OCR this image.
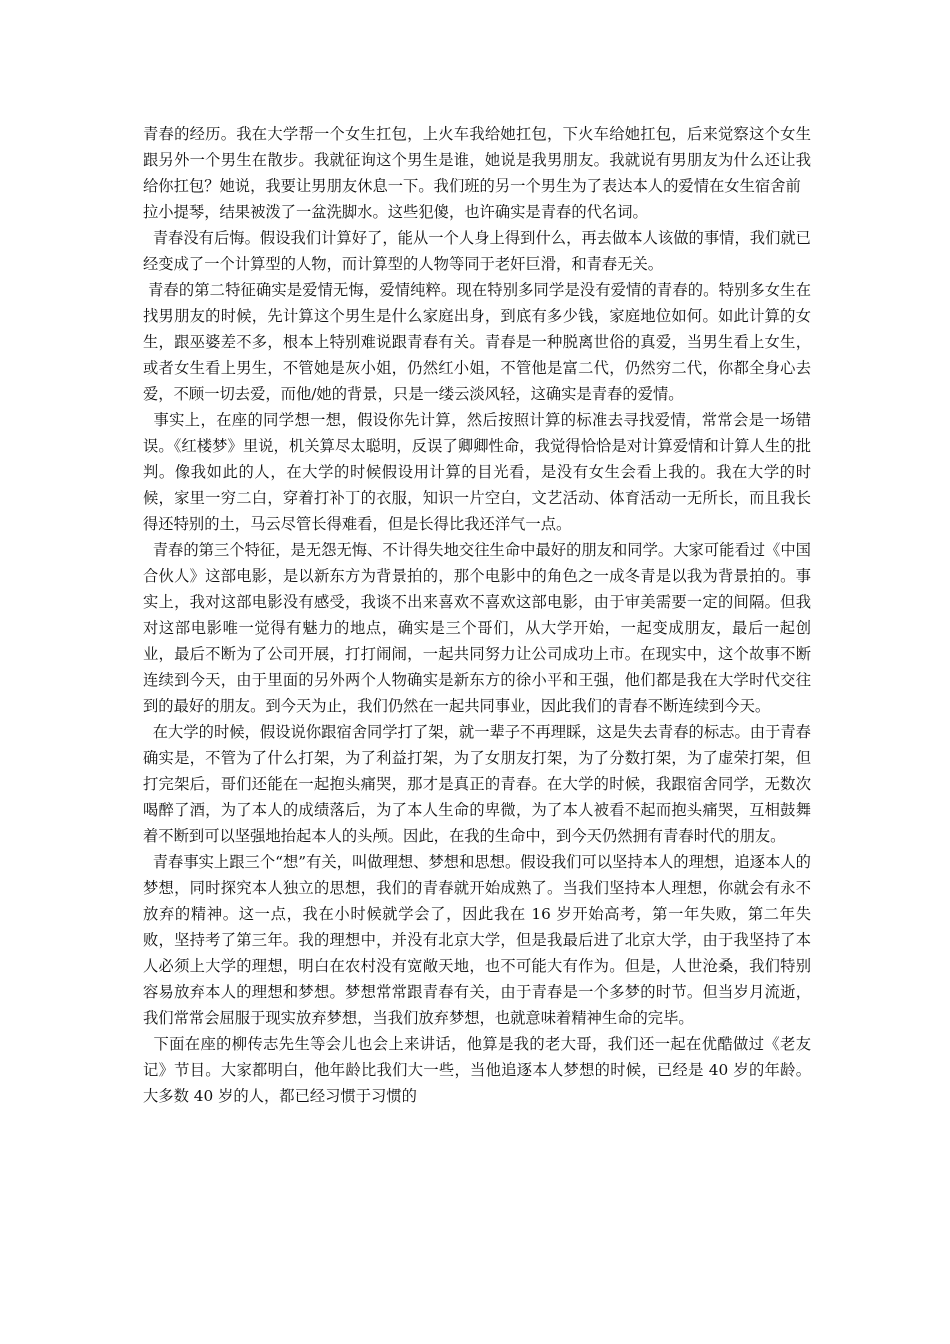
青春的经历。我在大学帮一个女生扛包，上火车我给她扛包，下火车给她扛包，后来觉察这个女生跟另外一个男生在散步。我就征询这个男生是谁，她说是我男朋友。我就说有男朋友为什么还让我给你扛包？她说，我要让男朋友休息一下。我们班的另一个男生为了表达本人的爱情在女生宿舍前

拉小提琴，结果被泼了一盆洗脚水。这些犯傻，也许确实是青春的代名词。

青春没有后悔。假设我们计算好了，能从一个人身上得到什么，再去做本人该做的事情，我们就已经变成了一个计算型的人物，而计算型的人物等同于老奸巨滑，和青春无关。

青春的第二特征确实是爱情无悔，爱情纯粹。现在特别多同学是没有爱情的青春的。特别多女生在找男朋友的时候，先计算这个男生是什么家庭出身，到底有多少钱，家庭地位如何。如此计算的女生，跟巫婆差不多，根本上特别难说跟青春有关。青春是一种脱离世俗的真爱，当男生看上女生，或者女生看上男生，不管她是灰小姐，仍然红小姐，不管他是富二代，仍然穷二代，你都全身心去爱，不顾一切去爱，而他/她的背景，只是一缕云淡风轻，这确实是青春的爱情。

事实上，在座的同学想一想，假设你先计算，然后按照计算的标准去寻找爱情，常常会是一场错误。《红楼梦》里说，机关算尽太聪明，反误了卿卿性命，我觉得恰恰是对计算爱情和计算人生的批判。像我如此的人，在大学的时候假设用计算的目光看，是没有女生会看上我的。我在大学的时候，家里一穷二白，穿着打补丁的衣服，知识一片空白，文艺活动、体育活动一无所长，而且我长得还特别的土，马云尽管长得难看，但是长得比我还洋气一点。

青春的第三个特征，是无怨无悔、不计得失地交往生命中最好的朋友和同学。大家可能看过《中国合伙人》这部电影，是以新东方为背景拍的，那个电影中的角色之一成冬青是以我为背景拍的。事实上，我对这部电影没有感受，我谈不出来喜欢不喜欢这部电影，由于审美需要一定的间隔。但我对这部电影唯一觉得有魅力的地点，确实是三个哥们，从大学开始，一起变成朋友，最后一起创业，最后不断为了公司开展，打打闹闹，一起共同努力让公司成功上市。在现实中，这个故事不断连续到今天，由于里面的另外两个人物确实是新东方的徐小平和王强，他们都是我在大学时代交往到的最好的朋友。到今天为止，我们仍然在一起共同事业，因此我们的青春不断连续到今天。

在大学的时候，假设说你跟宿舍同学打了架，就一辈子不再理睬，这是失去青春的标志。由于青春确实是，不管为了什么打架，为了利益打架，为了女朋友打架，为了分数打架，为了虚荣打架，但打完架后，哥们还能在一起抱头痛哭，那才是真正的青春。在大学的时候，我跟宿舍同学，无数次喝醉了酒，为了本人的成绩落后，为了本人生命的卑微，为了本人被看不起而抱头痛哭，互相鼓舞着不断到可以坚强地抬起本人的头颅。因此，在我的生命中，到今天仍然拥有青春时代的朋友。

青春事实上跟三个“想”有关，叫做理想、梦想和思想。假设我们可以坚持本人的理想，追逐本人的梦想，同时探究本人独立的思想，我们的青春就开始成熟了。当我们坚持本人理想，你就会有永不放弃的精神。这一点，我在小时候就学会了，因此我在 16 岁开始高考，第一年失败，第二年失败，坚持考了第三年。我的理想中，并没有北京大学，但是我最后进了北京大学，由于我坚持了本人必须上大学的理想，明白在农村没有宽敞天地，也不可能大有作为。但是，人世沧桑，我们特别容易放弃本人的理想和梦想。梦想常常跟青春有关，由于青春是一个多梦的时节。但当岁月流逝，我们常常会屈服于现实放弃梦想，当我们放弃梦想，也就意味着精神生命的完毕。

下面在座的柳传志先生等会儿也会上来讲话，他算是我的老大哥，我们还一起在优酷做过《老友记》节目。大家都明白，他年龄比我们大一些，当他追逐本人梦想的时候，已经是 40 岁的年龄。大多数 40 岁的人，都已经习惯于习惯的
